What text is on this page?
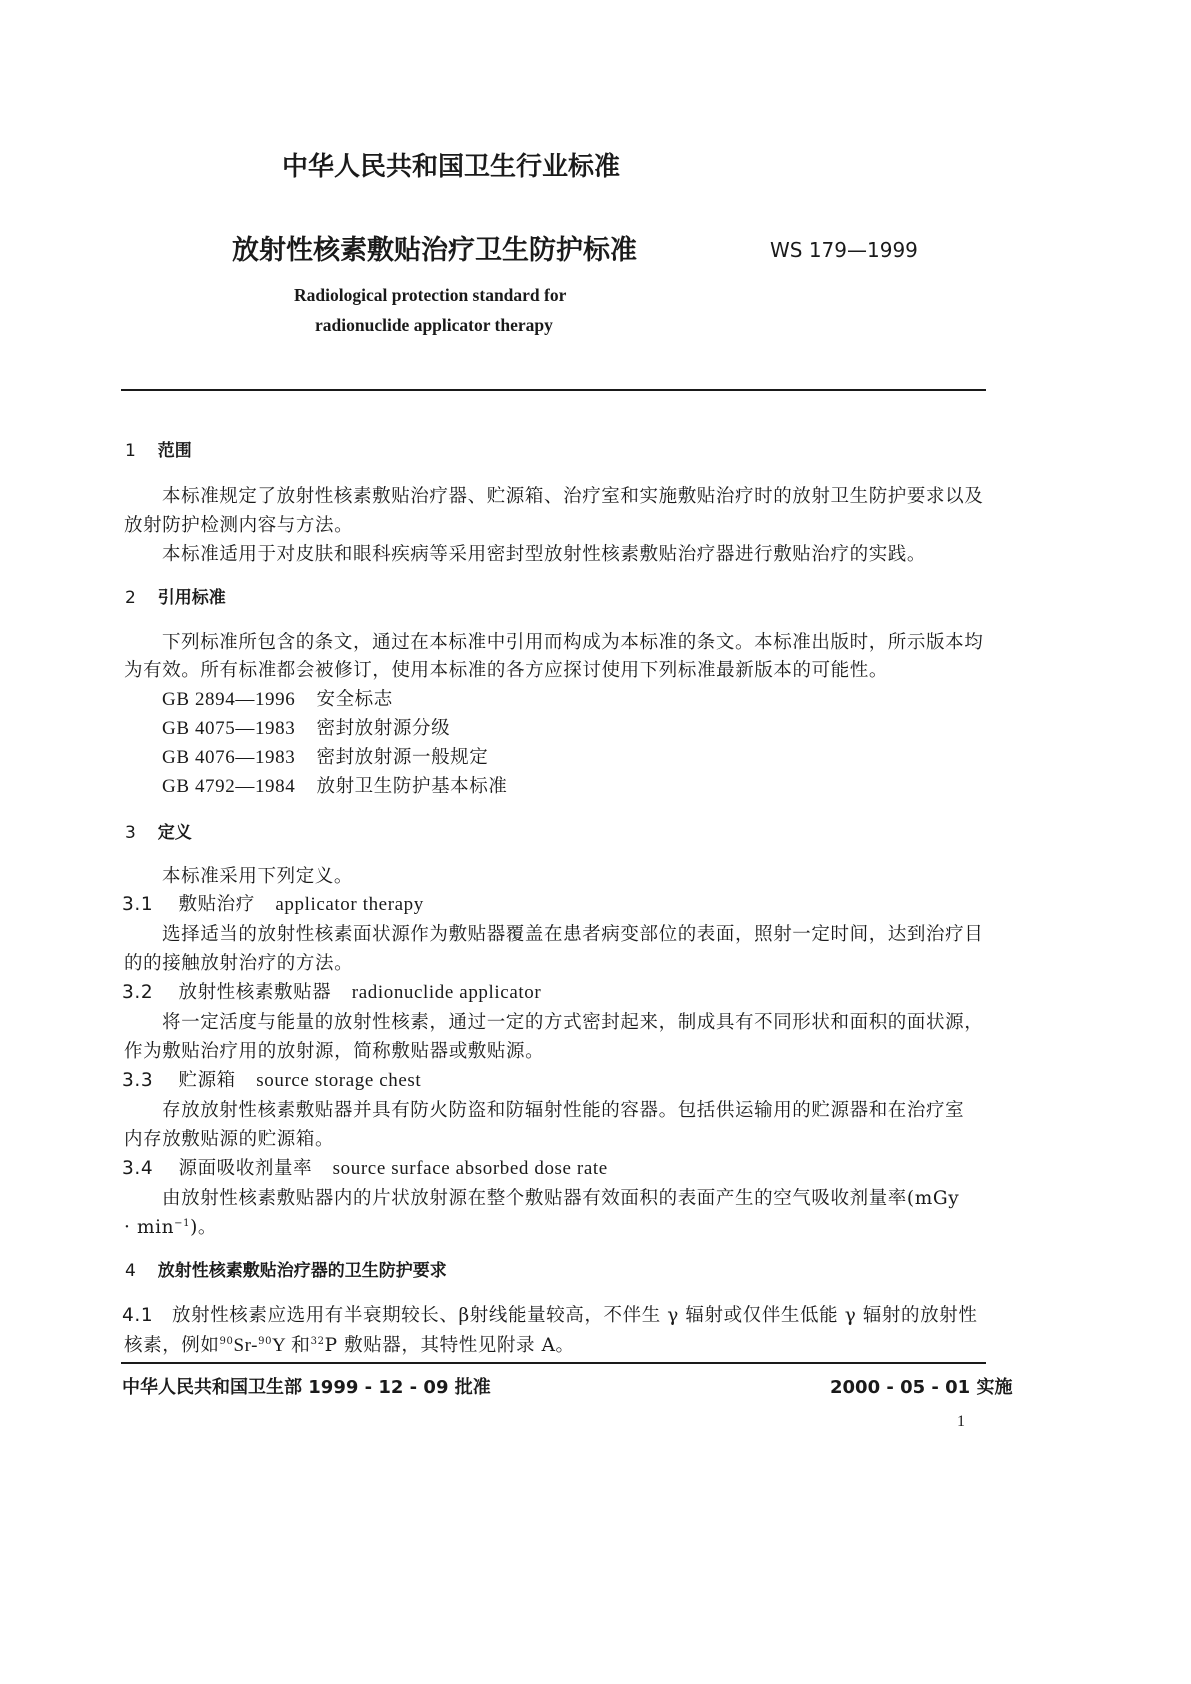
中华人民共和国卫生行业标准
放射性核素敷贴治疗卫生防护标准	WS 179—1999
Radiological protection standard for
radionuclide applicator therapy
1 范围
本标准规定了放射性核素敷贴治疗器、贮源箱、治疗室和实施敷贴治疗时的放射卫生防护要求以及
放射防护检测内容与方法。
本标准适用于对皮肤和眼科疾病等采用密封型放射性核素敷贴治疗器进行敷贴治疗的实践。
2 引用标准
下列标准所包含的条文，通过在本标准中引用而构成为本标准的条文。本标准出版时，所示版本均
为有效。所有标准都会被修订，使用本标准的各方应探讨使用下列标准最新版本的可能性。
GB 2894—1996 安全标志
GB 4075—1983 密封放射源分级
GB 4076—1983 密封放射源一般规定
GB 4792—1984 放射卫生防护基本标准
3 定义
本标准采用下列定义。
3.1 敷贴治疗 applicator therapy
选择适当的放射性核素面状源作为敷贴器覆盖在患者病变部位的表面，照射一定时间，达到治疗目
的的接触放射治疗的方法。
3.2 放射性核素敷贴器 radionuclide applicator
将一定活度与能量的放射性核素，通过一定的方式密封起来，制成具有不同形状和面积的面状源，
作为敷贴治疗用的放射源，简称敷贴器或敷贴源。
3.3 贮源箱 source storage chest
存放放射性核素敷贴器并具有防火防盗和防辐射性能的容器。包括供运输用的贮源器和在治疗室
内存放敷贴源的贮源箱。
3.4 源面吸收剂量率 source surface absorbed dose rate
由放射性核素敷贴器内的片状放射源在整个敷贴器有效面积的表面产生的空气吸收剂量率(mGy
· $\min^{-1}$)。
4 放射性核素敷贴治疗器的卫生防护要求
4.1 放射性核素应选用有半衰期较长、β射线能量较高，不伴生 γ 辐射或仅伴生低能 γ 辐射的放射性
核素，例如$^{90}$Sr-$^{90}$Y 和$^{32}$P 敷贴器，其特性见附录 A。
中华人民共和国卫生部 1999 - 12 - 09 批准	2000 - 05 - 01 实施
1
